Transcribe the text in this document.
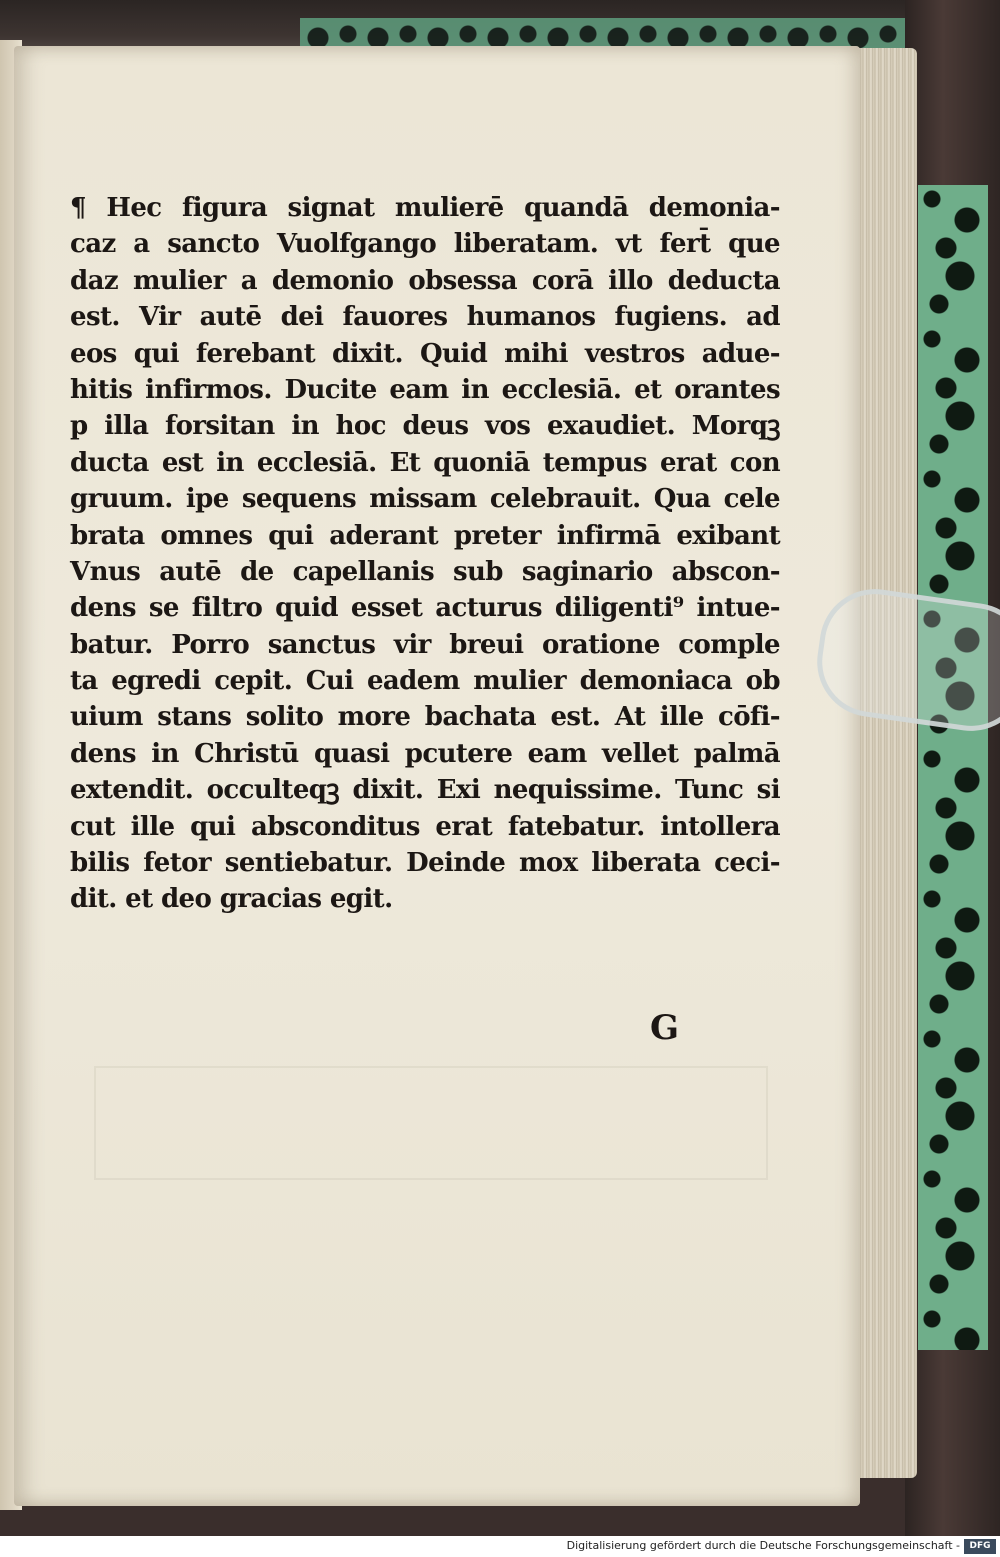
¶ Hec figura signat mulierē quandā demonia-
caz a sancto Vuolfgango liberatam. vt fert̄ que
daz mulier a demonio obsessa corā illo deducta
est. Vir autē dei fauores humanos fugiens. ad
eos qui ferebant dixit. Quid mihi vestros adue-
hitis infirmos. Ducite eam in ecclesiā. et orantes
p illa forsitan in hoc deus vos exaudiet. Morqꝫ
ducta est in ecclesiā. Et quoniā tempus erat con
gruum. ipe sequens missam celebrauit. Qua cele
brata omnes qui aderant preter infirmā exibant
Vnus autē de capellanis sub saginario abscon-
dens se filtro quid esset acturus diligenti⁹ intue-
batur. Porro sanctus vir breui oratione comple
ta egredi cepit. Cui eadem mulier demoniaca ob
uium stans solito more bachata est. At ille cōfi-
dens in Christū quasi pcutere eam vellet palmā
extendit. occulteqꝫ dixit. Exi nequissime. Tunc si
cut ille qui absconditus erat fatebatur. intollera
bilis fetor sentiebatur. Deinde mox liberata ceci-
dit. et deo gracias egit.
G
Digitalisierung gefördert durch die Deutsche Forschungsgemeinschaft -	DFG
